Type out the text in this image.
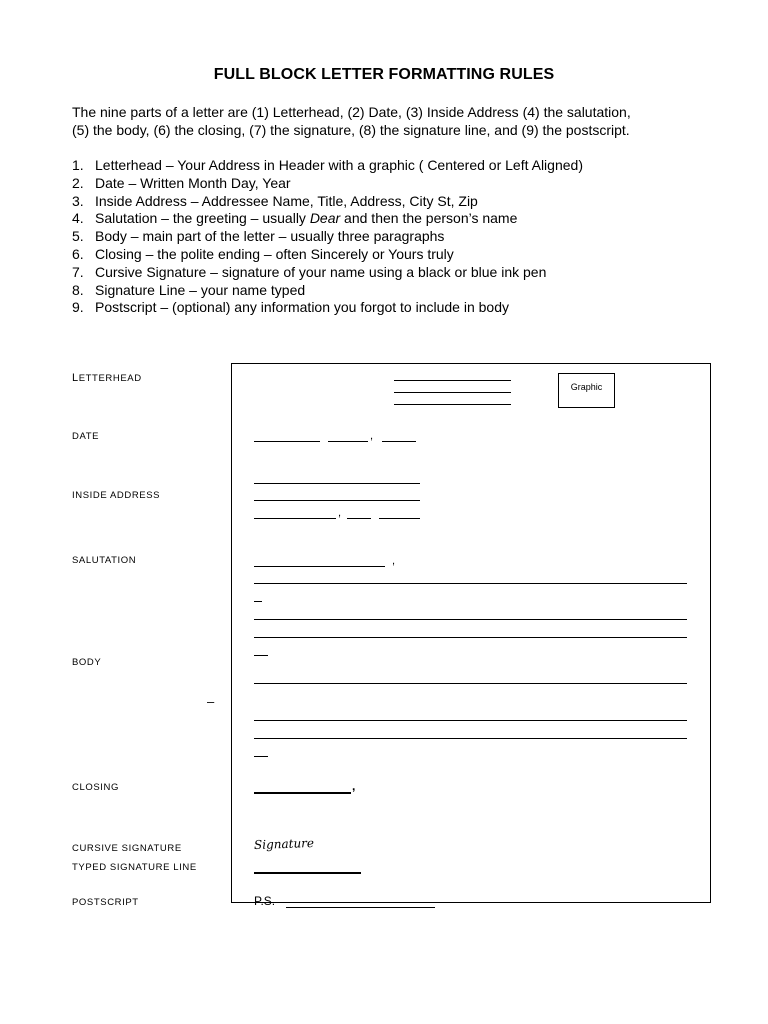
FULL BLOCK LETTER FORMATTING RULES
The nine parts of a letter are (1) Letterhead, (2) Date, (3) Inside Address (4) the salutation,
(5) the body, (6) the closing, (7) the signature, (8) the signature line, and (9) the postscript.
1. Letterhead – Your Address in Header with a graphic ( Centered or Left Aligned)
2. Date – Written Month Day, Year
3. Inside Address – Addressee Name, Title, Address, City St, Zip
4. Salutation – the greeting – usually Dear and then the person’s name
5. Body – main part of the letter – usually three paragraphs
6. Closing – the polite ending – often Sincerely or Yours truly
7. Cursive Signature – signature of your name using a black or blue ink pen
8. Signature Line – your name typed
9. Postscript – (optional) any information you forgot to include in body
LETTERHEAD
DATE
INSIDE ADDRESS
SALUTATION
BODY
–
CLOSING
CURSIVE SIGNATURE
TYPED SIGNATURE LINE
POSTSCRIPT
Graphic
,
,
,
,
Signature
P.S.
